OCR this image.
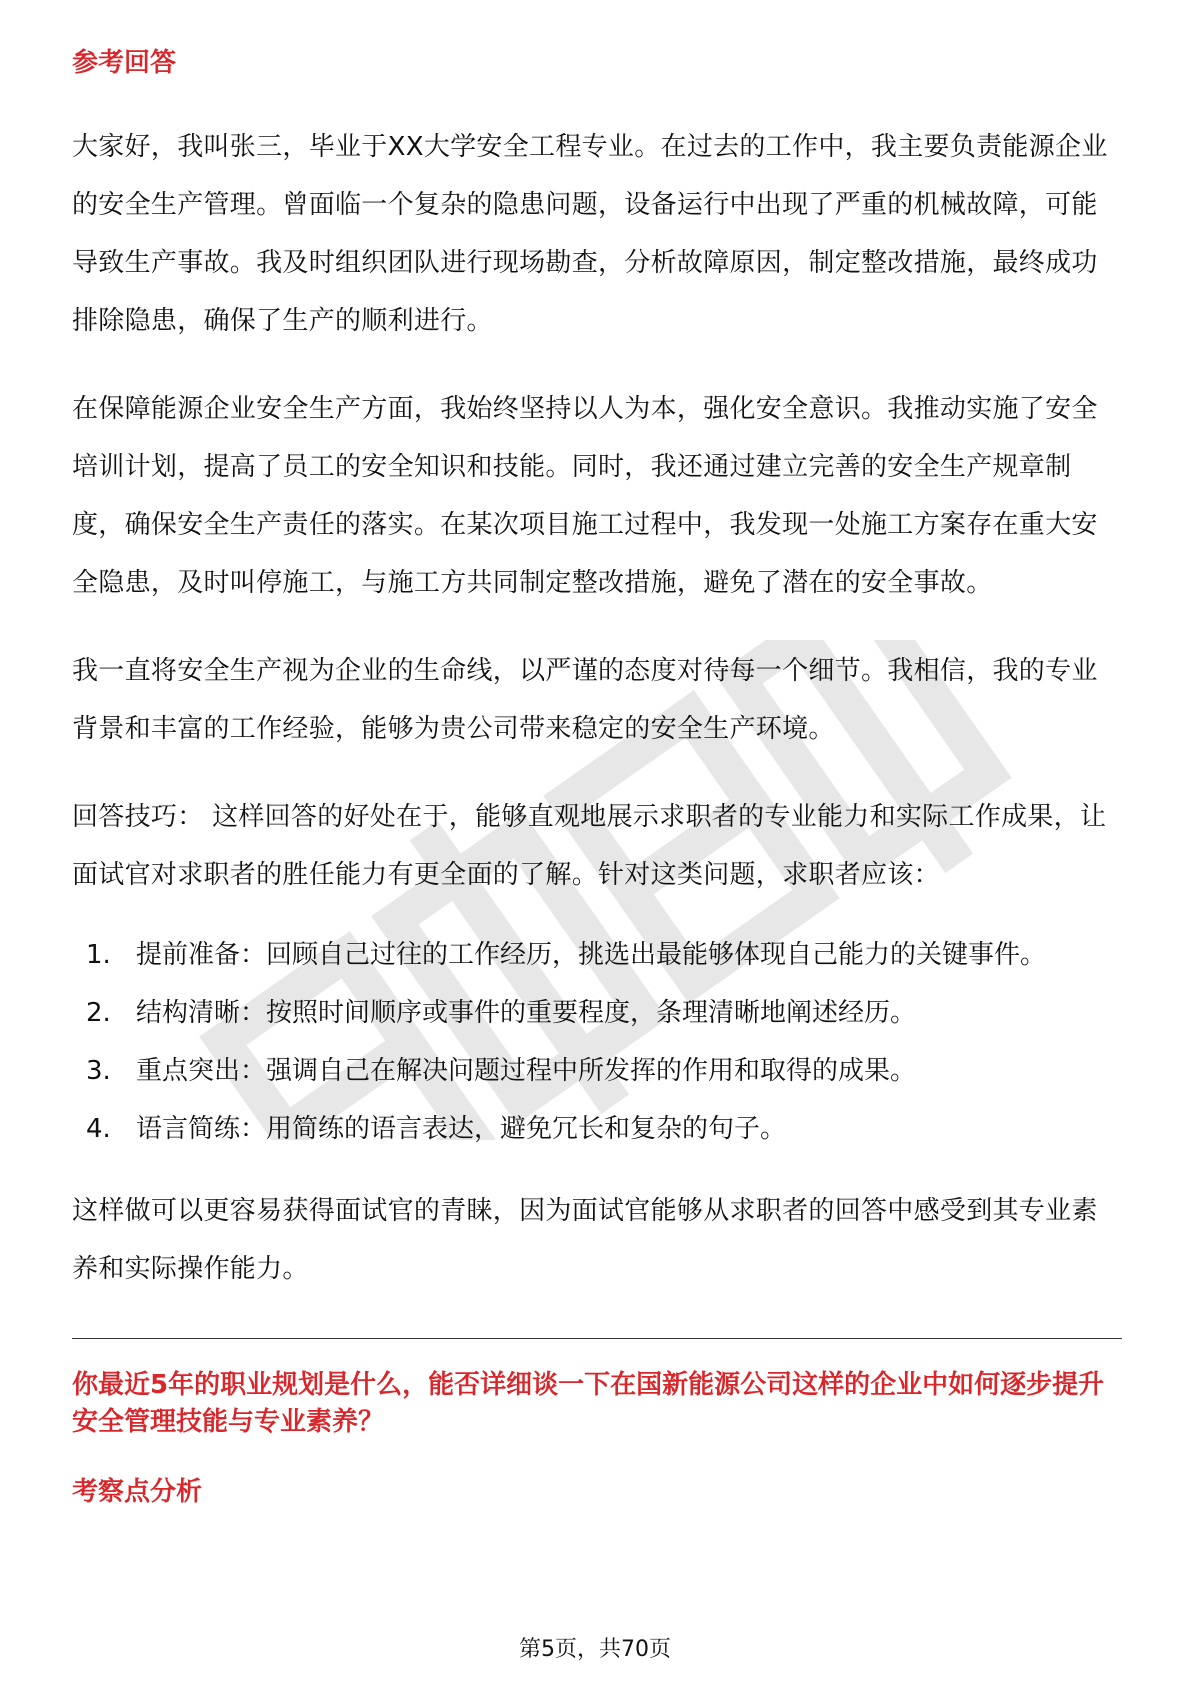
参考回答

大家好，我叫张三，毕业于XX大学安全工程专业。在过去的工作中，我主要负责能源企业的安全生产管理。曾面临一个复杂的隐患问题，设备运行中出现了严重的机械故障，可能导致生产事故。我及时组织团队进行现场勘查，分析故障原因，制定整改措施，最终成功排除隐患，确保了生产的顺利进行。

在保障能源企业安全生产方面，我始终坚持以人为本，强化安全意识。我推动实施了安全培训计划，提高了员工的安全知识和技能。同时，我还通过建立完善的安全生产规章制度，确保安全生产责任的落实。在某次项目施工过程中，我发现一处施工方案存在重大安全隐患，及时叫停施工，与施工方共同制定整改措施，避免了潜在的安全事故。

我一直将安全生产视为企业的生命线，以严谨的态度对待每一个细节。我相信，我的专业背景和丰富的工作经验，能够为贵公司带来稳定的安全生产环境。

回答技巧： 这样回答的好处在于，能够直观地展示求职者的专业能力和实际工作成果，让面试官对求职者的胜任能力有更全面的了解。针对这类问题，求职者应该：

1. 提前准备：回顾自己过往的工作经历，挑选出最能够体现自己能力的关键事件。
2. 结构清晰：按照时间顺序或事件的重要程度，条理清晰地阐述经历。
3. 重点突出：强调自己在解决问题过程中所发挥的作用和取得的成果。
4. 语言简练：用简练的语言表达，避免冗长和复杂的句子。

这样做可以更容易获得面试官的青睐，因为面试官能够从求职者的回答中感受到其专业素养和实际操作能力。

你最近5年的职业规划是什么，能否详细谈一下在国新能源公司这样的企业中如何逐步提升安全管理技能与专业素养？
考察点分析
第5页，共70页
